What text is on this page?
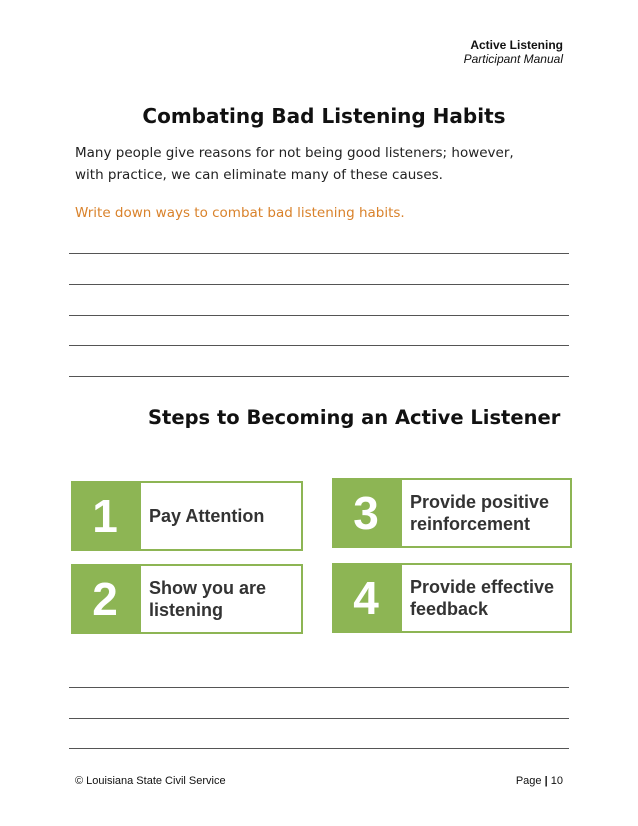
Active Listening
Participant Manual
Combating Bad Listening Habits
Many people give reasons for not being good listeners; however, with practice, we can eliminate many of these causes.
Write down ways to combat bad listening habits.
Steps to Becoming an Active Listener
1	Pay Attention
2	Show you are listening
3	Provide positive reinforcement
4	Provide effective feedback
© Louisiana State Civil Service	Page | 10
